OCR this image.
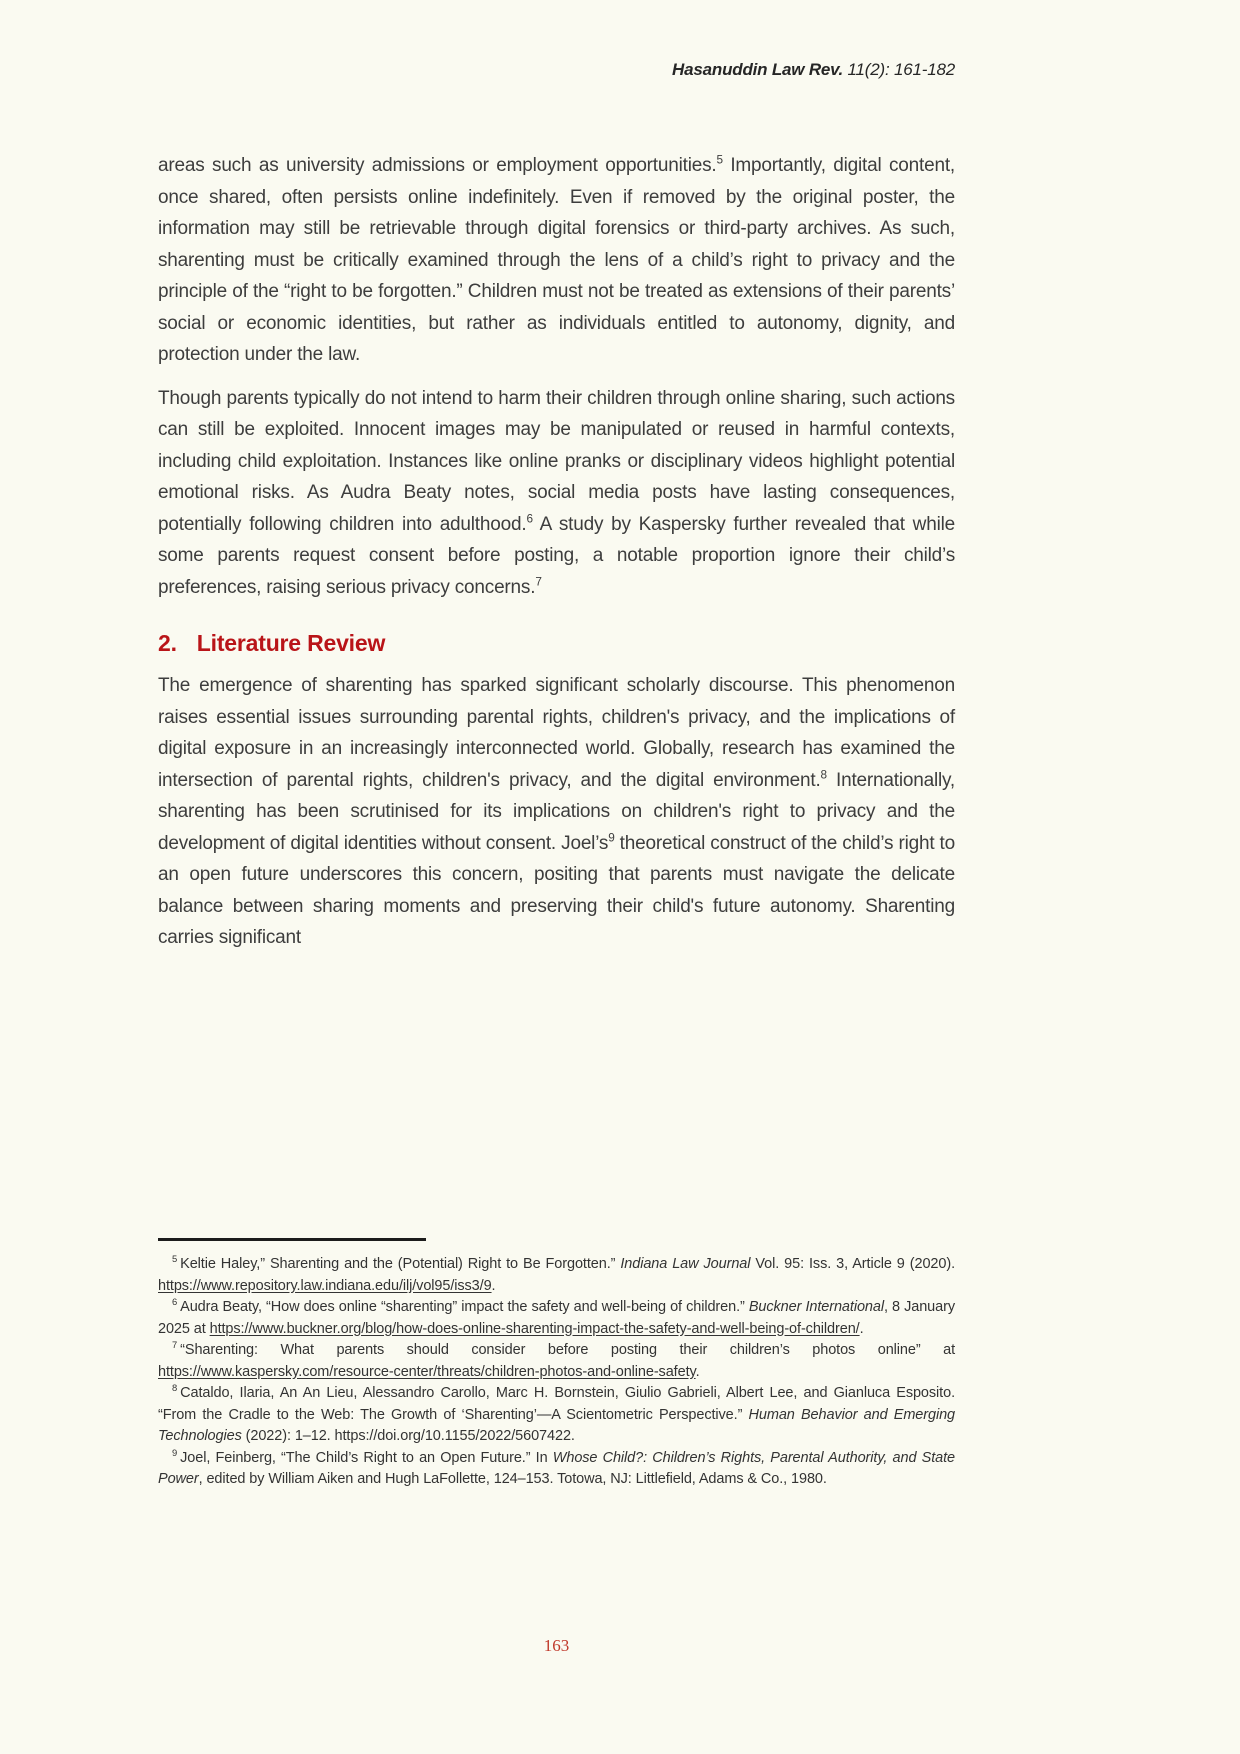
Hasanuddin Law Rev. 11(2): 161-182

areas such as university admissions or employment opportunities.$^5$ Importantly, digital content, once shared, often persists online indefinitely. Even if removed by the original poster, the information may still be retrievable through digital forensics or third-party archives. As such, sharenting must be critically examined through the lens of a child’s right to privacy and the principle of the “right to be forgotten.” Children must not be treated as extensions of their parents’ social or economic identities, but rather as individuals entitled to autonomy, dignity, and protection under the law.

Though parents typically do not intend to harm their children through online sharing, such actions can still be exploited. Innocent images may be manipulated or reused in harmful contexts, including child exploitation. Instances like online pranks or disciplinary videos highlight potential emotional risks. As Audra Beaty notes, social media posts have lasting consequences, potentially following children into adulthood.$^6$ A study by Kaspersky further revealed that while some parents request consent before posting, a notable proportion ignore their child’s preferences, raising serious privacy concerns.$^7$

2. Literature Review

The emergence of sharenting has sparked significant scholarly discourse. This phenomenon raises essential issues surrounding parental rights, children's privacy, and the implications of digital exposure in an increasingly interconnected world. Globally, research has examined the intersection of parental rights, children's privacy, and the digital environment.$^8$ Internationally, sharenting has been scrutinised for its implications on children's right to privacy and the development of digital identities without consent. $Joel’s^9$ theoretical construct of the child’s right to an open future underscores this concern, positing that parents must navigate the delicate balance between sharing moments and preserving their child's future autonomy. Sharenting carries significant

$^5$ Keltie Haley,” Sharenting and the (Potential) Right to Be Forgotten.” Indiana Law Journal Vol. 95: Iss. 3, Article 9 (2020). https://www.repository.law.indiana.edu/ilj/vol95/iss3/9.

$^6$ Audra Beaty, “How does online “sharenting” impact the safety and well-being of children.” Buckner International, 8 January 2025 at https://www.buckner.org/blog/how-does-online-sharenting-impact-the-safety-and-well-being-of-children/.

$^7$ “Sharenting: What parents should consider before posting their children’s photos online” at https://www.kaspersky.com/resource-center/threats/children-photos-and-online-safety.

$^8$ Cataldo, Ilaria, An An Lieu, Alessandro Carollo, Marc H. Bornstein, Giulio Gabrieli, Albert Lee, and Gianluca Esposito. “From the Cradle to the Web: The Growth of ‘Sharenting’—A Scientometric Perspective.” Human Behavior and Emerging Technologies (2022): 1–12. https://doi.org/10.1155/2022/5607422.

$^9$ Joel, Feinberg, “The Child’s Right to an Open Future.” In Whose Child?: Children’s Rights, Parental Authority, and State Power, edited by William Aiken and Hugh LaFollette, 124–153. Totowa, NJ: Littlefield, Adams & Co., 1980.

163
